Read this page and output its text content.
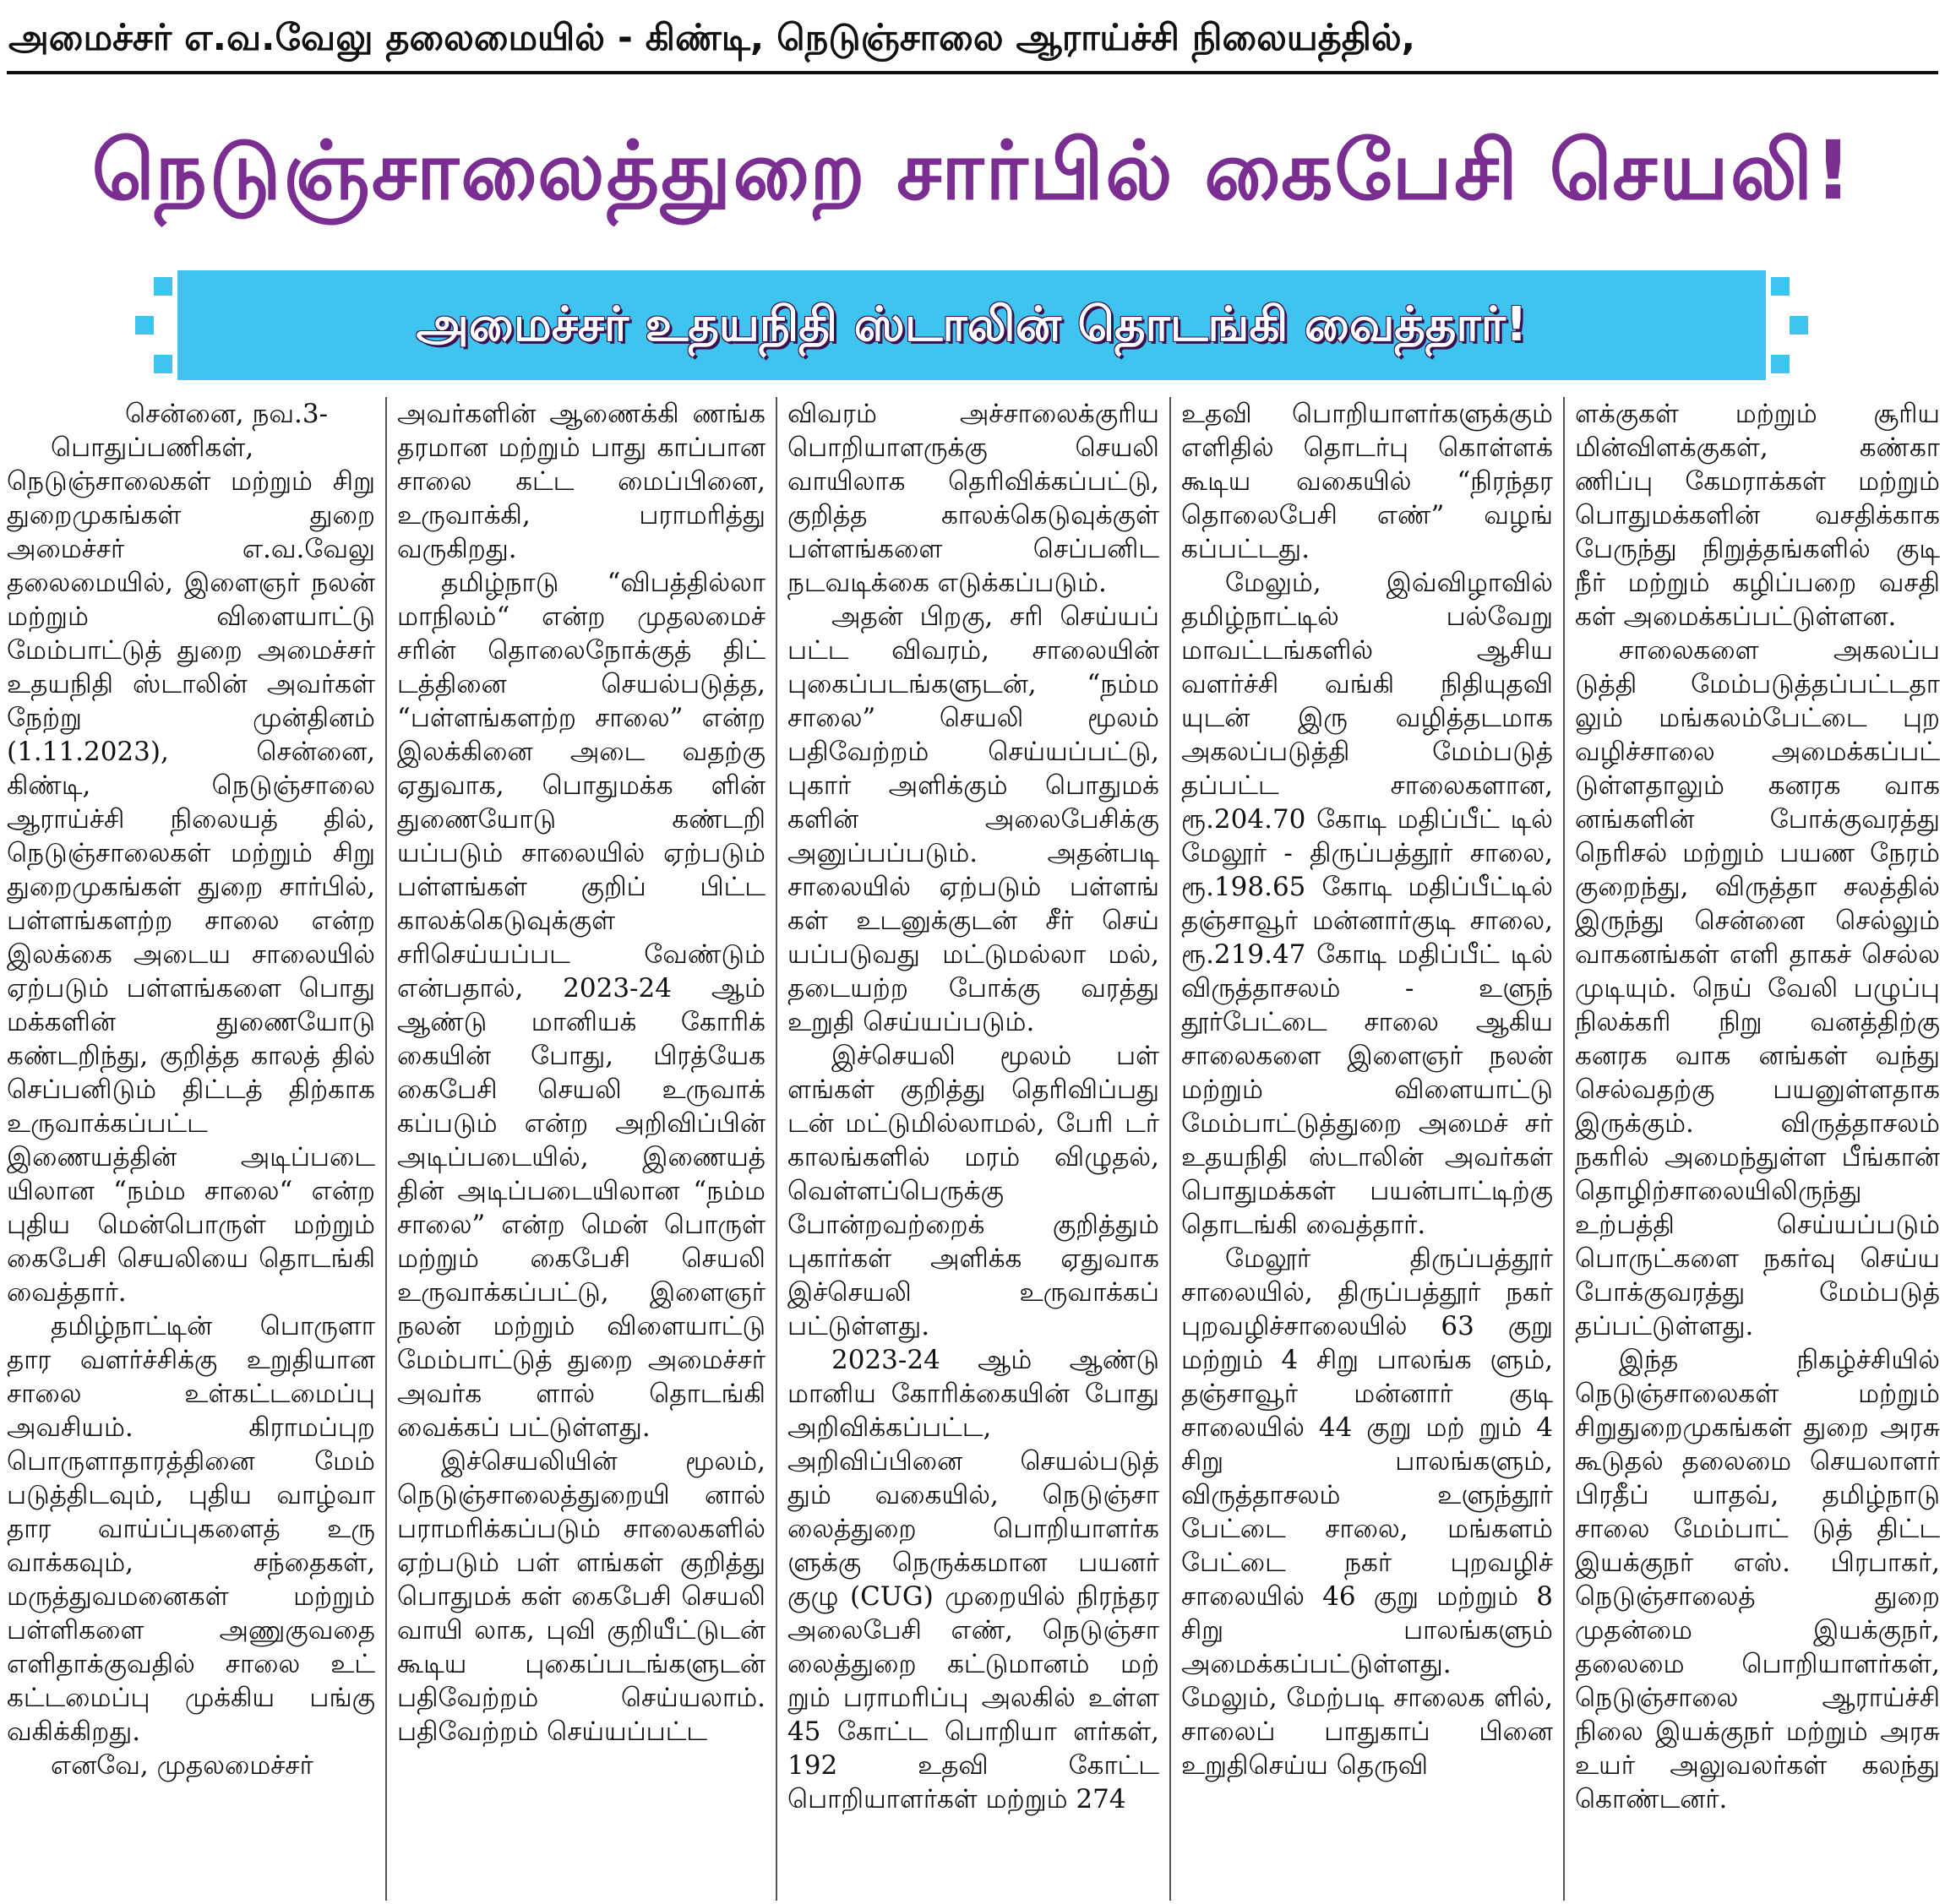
அமைச்சர் எ.வ.வேலு தலைமையில் - கிண்டி, நெடுஞ்சாலை ஆராய்ச்சி நிலையத்தில்,
நெடுஞ்சாலைத்துறை சார்பில் கைபேசி செயலி!
அமைச்சர் உதயநிதி ஸ்டாலின் தொடங்கி வைத்தார்!

சென்னை, நவ.3-

பொதுப்பணிகள், நெடுஞ்சாலைகள் மற்றும் சிறு துறைமுகங்கள் துறை அமைச்சர் எ.வ.வேலு தலைமையில், இளைஞர் நலன் மற்றும் விளையாட்டு மேம்பாட்டுத் துறை அமைச்சர் உதயநிதி ஸ்டாலின் அவர்கள் நேற்று முன்தினம் (1.11.2023), சென்னை, கிண்டி, நெடுஞ்சாலை ஆராய்ச்சி நிலையத் தில், நெடுஞ்சாலைகள் மற்றும் சிறு துறைமுகங்கள் துறை சார்பில், பள்ளங்களற்ற சாலை என்ற இலக்கை அடைய சாலையில் ஏற்படும் பள்ளங்களை பொது மக்களின் துணையோடு கண்டறிந்து, குறித்த காலத் தில் செப்பனிடும் திட்டத் திற்காக உருவாக்கப்பட்ட இணையத்தின் அடிப்படை யிலான “நம்ம சாலை“ என்ற புதிய மென்பொருள் மற்றும் கைபேசி செயலியை தொடங்கி வைத்தார்.

தமிழ்நாட்டின் பொருளா தார வளர்ச்சிக்கு உறுதியான சாலை உள்கட்டமைப்பு அவசியம். கிராமப்புற பொருளாதாரத்தினை மேம் படுத்திடவும், புதிய வாழ்வா தார வாய்ப்புகளைத் உரு வாக்கவும், சந்தைகள், மருத்துவமனைகள் மற்றும் பள்ளிகளை அணுகுவதை எளிதாக்குவதில் சாலை உட் கட்டமைப்பு முக்கிய பங்கு வகிக்கிறது.

எனவே, முதலமைச்சர்

அவர்களின் ஆணைக்கி ணங்க தரமான மற்றும் பாது காப்பான சாலை கட்ட மைப்பினை, உருவாக்கி, பராமரித்து வருகிறது.

தமிழ்நாடு “விபத்தில்லா மாநிலம்“ என்ற முதலமைச் சரின் தொலைநோக்குத் திட் டத்தினை செயல்படுத்த, “பள்ளங்களற்ற சாலை” என்ற இலக்கினை அடை வதற்கு ஏதுவாக, பொதுமக்க ளின் துணையோடு கண்டறி யப்படும் சாலையில் ஏற்படும் பள்ளங்கள் குறிப் பிட்ட காலக்கெடுவுக்குள் சரிசெய்யப்பட வேண்டும் என்பதால், 2023-24 ஆம் ஆண்டு மானியக் கோரிக் கையின் போது, பிரத்யேக கைபேசி செயலி உருவாக் கப்படும் என்ற அறிவிப்பின் அடிப்படையில், இணையத் தின் அடிப்படையிலான “நம்ம சாலை” என்ற மென் பொருள் மற்றும் கைபேசி செயலி உருவாக்கப்பட்டு, இளைஞர் நலன் மற்றும் விளையாட்டு மேம்பாட்டுத் துறை அமைச்சர் அவர்க ளால் தொடங்கி வைக்கப் பட்டுள்ளது.

இச்செயலியின் மூலம், நெடுஞ்சாலைத்துறையி னால் பராமரிக்கப்படும் சாலைகளில் ஏற்படும் பள் ளங்கள் குறித்து பொதுமக் கள் கைபேசி செயலி வாயி லாக, புவி குறியீட்டுடன் கூடிய புகைப்படங்களுடன் பதிவேற்றம் செய்யலாம். பதிவேற்றம் செய்யப்பட்ட

விவரம் அச்சாலைக்குரிய பொறியாளருக்கு செயலி வாயிலாக தெரிவிக்கப்பட்டு, குறித்த காலக்கெடுவுக்குள் பள்ளங்களை செப்பனிட நடவடிக்கை எடுக்கப்படும்.

அதன் பிறகு, சரி செய்யப் பட்ட விவரம், சாலையின் புகைப்படங்களுடன், “நம்ம சாலை” செயலி மூலம் பதிவேற்றம் செய்யப்பட்டு, புகார் அளிக்கும் பொதுமக் களின் அலைபேசிக்கு அனுப்பப்படும். அதன்படி சாலையில் ஏற்படும் பள்ளங் கள் உடனுக்குடன் சீர் செய் யப்படுவது மட்டுமல்லா மல், தடையற்ற போக்கு வரத்து உறுதி செய்யப்படும்.

இச்செயலி மூலம் பள் ளங்கள் குறித்து தெரிவிப்பது டன் மட்டுமில்லாமல், பேரி டர் காலங்களில் மரம் விழுதல், வெள்ளப்பெருக்கு போன்றவற்றைக் குறித்தும் புகார்கள் அளிக்க ஏதுவாக இச்செயலி உருவாக்கப் பட்டுள்ளது.

2023-24 ஆம் ஆண்டு மானிய கோரிக்கையின் போது அறிவிக்கப்பட்ட, அறிவிப்பினை செயல்படுத் தும் வகையில், நெடுஞ்சா லைத்துறை பொறியாளர்க ளுக்கு நெருக்கமான பயனர் குழு (CUG) முறையில் நிரந்தர அலைபேசி எண், நெடுஞ்சா லைத்துறை கட்டுமானம் மற் றும் பராமரிப்பு அலகில் உள்ள 45 கோட்ட பொறியா ளர்கள், 192 உதவி கோட்ட பொறியாளர்கள் மற்றும் 274

உதவி பொறியாளர்களுக்கும் எளிதில் தொடர்பு கொள்ளக் கூடிய வகையில் “நிரந்தர தொலைபேசி எண்” வழங் கப்பட்டது.

மேலும், இவ்விழாவில் தமிழ்நாட்டில் பல்வேறு மாவட்டங்களில் ஆசிய வளர்ச்சி வங்கி நிதியுதவி யுடன் இரு வழித்தடமாக அகலப்படுத்தி மேம்படுத் தப்பட்ட சாலைகளான, ரூ.204.70 கோடி மதிப்பீட் டில் மேலூர் - திருப்பத்தூர் சாலை, ரூ.198.65 கோடி மதிப்பீட்டில் தஞ்சாவூர் மன்னார்குடி சாலை, ரூ.219.47 கோடி மதிப்பீட் டில் விருத்தாசலம் - உளுந் தூர்பேட்டை சாலை ஆகிய சாலைகளை இளைஞர் நலன் மற்றும் விளையாட்டு மேம்பாட்டுத்துறை அமைச் சர் உதயநிதி ஸ்டாலின் அவர்கள் பொதுமக்கள் பயன்பாட்டிற்கு தொடங்கி வைத்தார்.

மேலூர் திருப்பத்தூர் சாலையில், திருப்பத்தூர் நகர் புறவழிச்சாலையில் 63 குறு மற்றும் 4 சிறு பாலங்க ளும், தஞ்சாவூர் மன்னார் குடி சாலையில் 44 குறு மற் றும் 4 சிறு பாலங்களும், விருத்தாசலம் உளுந்தூர் பேட்டை சாலை, மங்களம் பேட்டை நகர் புறவழிச் சாலையில் 46 குறு மற்றும் 8 சிறு பாலங்களும் அமைக்கப்பட்டுள்ளது. மேலும், மேற்படி சாலைக ளில், சாலைப் பாதுகாப் பினை உறுதிசெய்ய தெருவி

ளக்குகள் மற்றும் சூரிய மின்விளக்குகள், கண்கா ணிப்பு கேமராக்கள் மற்றும் பொதுமக்களின் வசதிக்காக பேருந்து நிறுத்தங்களில் குடி நீர் மற்றும் கழிப்பறை வசதி கள் அமைக்கப்பட்டுள்ளன.

சாலைகளை அகலப்ப டுத்தி மேம்படுத்தப்பட்டதா லும் மங்கலம்பேட்டை புற வழிச்சாலை அமைக்கப்பட் டுள்ளதாலும் கனரக வாக னங்களின் போக்குவரத்து நெரிசல் மற்றும் பயண நேரம் குறைந்து, விருத்தா சலத்தில் இருந்து சென்னை செல்லும் வாகனங்கள் எளி தாகச் செல்ல முடியும். நெய் வேலி பழுப்பு நிலக்கரி நிறு வனத்திற்கு கனரக வாக னங்கள் வந்து செல்வதற்கு பயனுள்ளதாக இருக்கும். விருத்தாசலம் நகரில் அமைந்துள்ள பீங்கான் தொழிற்சாலையிலிருந்து உற்பத்தி செய்யப்படும் பொருட்களை நகர்வு செய்ய போக்குவரத்து மேம்படுத் தப்பட்டுள்ளது.

இந்த நிகழ்ச்சியில் நெடுஞ்சாலைகள் மற்றும் சிறுதுறைமுகங்கள் துறை அரசு கூடுதல் தலைமை செயலாளர் பிரதீப் யாதவ், தமிழ்நாடு சாலை மேம்பாட் டுத் திட்ட இயக்குநர் எஸ். பிரபாகர், நெடுஞ்சாலைத் துறை முதன்மை இயக்குநர், தலைமை பொறியாளர்கள், நெடுஞ்சாலை ஆராய்ச்சி நிலை இயக்குநர் மற்றும் அரசு உயர் அலுவலர்கள் கலந்து கொண்டனர்.
